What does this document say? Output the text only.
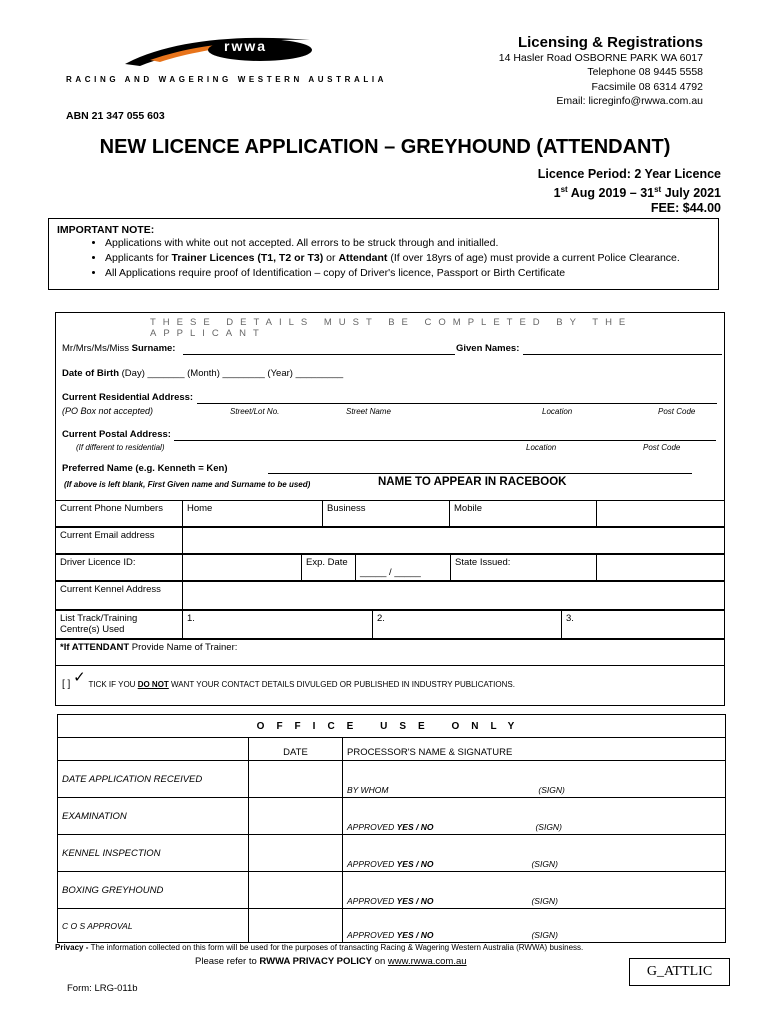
rwwa
RACING AND WAGERING WESTERN AUSTRALIA
ABN 21 347 055 603
Licensing & Registrations
14 Hasler Road OSBORNE PARK WA 6017
Telephone 08 9445 5558
Facsimile 08 6314 4792
Email: licreginfo@rwwa.com.au
NEW LICENCE APPLICATION – GREYHOUND (ATTENDANT)
Licence Period: 2 Year Licence
1st Aug 2019 – 31st July 2021
FEE: $44.00
IMPORTANT NOTE:
• Applications with white out not accepted. All errors to be struck through and initialled.
• Applicants for Trainer Licences (T1, T2 or T3) or Attendant (If over 18yrs of age) must provide a current Police Clearance.
• All Applications require proof of Identification – copy of Driver's licence, Passport or Birth Certificate
THESE DETAILS MUST BE COMPLETED BY THE APPLICANT
Mr/Mrs/Ms/Miss Surname:	Given Names:
Date of Birth (Day) _______ (Month) ________ (Year) _________
Current Residential Address:
(PO Box not accepted)	Street/Lot No.	Street Name	Location	Post Code
Current Postal Address:
(If different to residential)	Location	Post Code
Preferred Name (e.g. Kenneth = Ken)
(If above is left blank, First Given name and Surname to be used)	NAME TO APPEAR IN RACEBOOK
Current Phone Numbers	Home	Business	Mobile	
Current Email address	
Driver Licence ID:		Exp. Date	_____ / _____	State Issued:	
Current Kennel Address	
List Track/Training Centre(s) Used	1.	2.	3.
*If ATTENDANT Provide Name of Trainer:
[ ] ✓ TICK IF YOU DO NOT WANT YOUR CONTACT DETAILS DIVULGED OR PUBLISHED IN INDUSTRY PUBLICATIONS.
OFFICE USE ONLY		
	DATE	PROCESSOR'S NAME & SIGNATURE
DATE APPLICATION RECEIVED		BY WHOM (SIGN)
EXAMINATION		APPROVED YES / NO (SIGN)
KENNEL INSPECTION		APPROVED YES / NO (SIGN)
BOXING GREYHOUND		APPROVED YES / NO (SIGN)
C O S APPROVAL		APPROVED YES / NO (SIGN)
Privacy - The information collected on this form will be used for the purposes of transacting Racing & Wagering Western Australia (RWWA) business.
Please refer to RWWA PRIVACY POLICY on www.rwwa.com.au
G_ATTLIC
Form: LRG-011b
